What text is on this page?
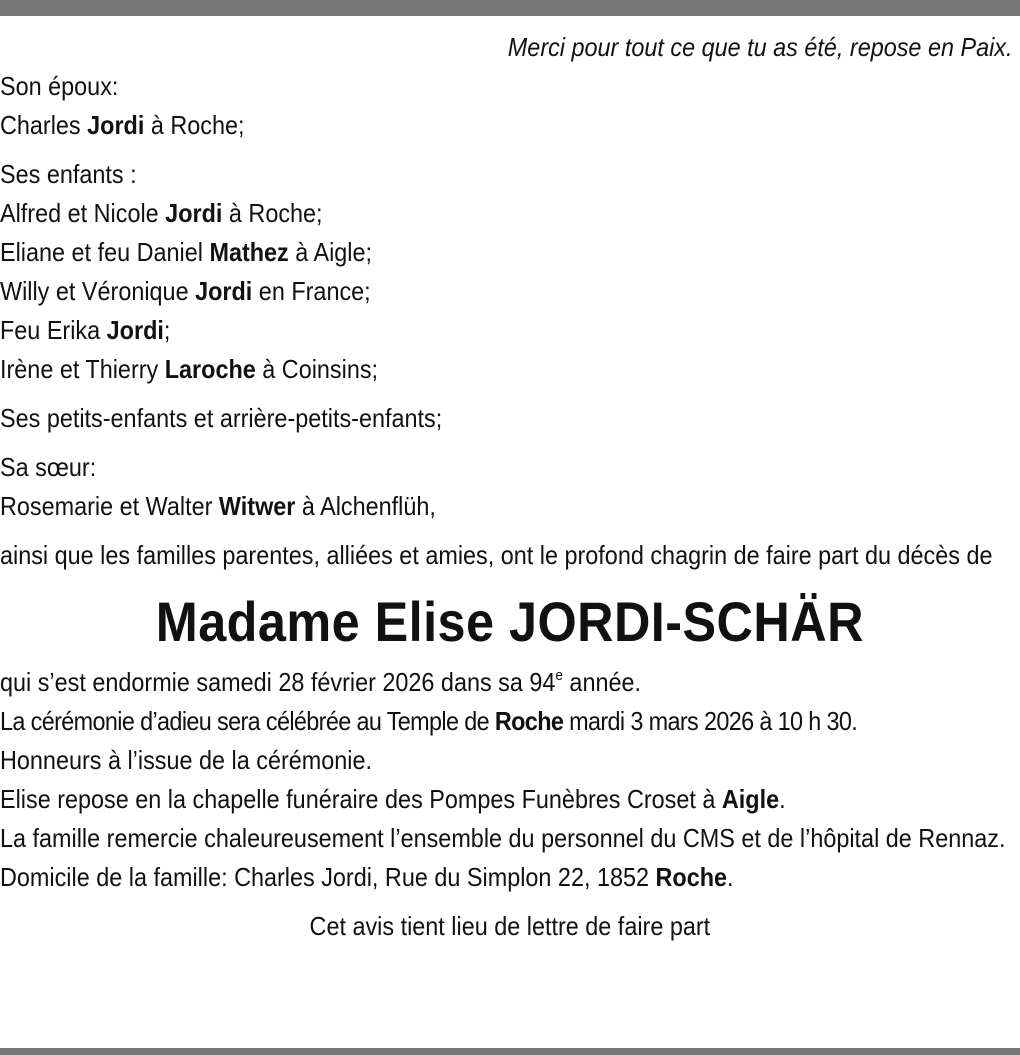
Merci pour tout ce que tu as été, repose en Paix.

Son époux:
Charles Jordi à Roche;
Ses enfants :
Alfred et Nicole Jordi à Roche;
Eliane et feu Daniel Mathez à Aigle;
Willy et Véronique Jordi en France;
Feu Erika Jordi;
Irène et Thierry Laroche à Coinsins;
Ses petits-enfants et arrière-petits-enfants;
Sa sœur:
Rosemarie et Walter Witwer à Alchenflüh,

ainsi que les familles parentes, alliées et amies, ont le profond chagrin de faire part du décès de

Madame Elise JORDI-SCHÄR
qui s’est endormie samedi 28 février 2026 dans sa 94e année.
La cérémonie d’adieu sera célébrée au Temple de Roche mardi 3 mars 2026 à 10 h 30.
Honneurs à l’issue de la cérémonie.
Elise repose en la chapelle funéraire des Pompes Funèbres Croset à Aigle.
La famille remercie chaleureusement l’ensemble du personnel du CMS et de l’hôpital de Rennaz.
Domicile de la famille: Charles Jordi, Rue du Simplon 22, 1852 Roche.
Cet avis tient lieu de lettre de faire part
